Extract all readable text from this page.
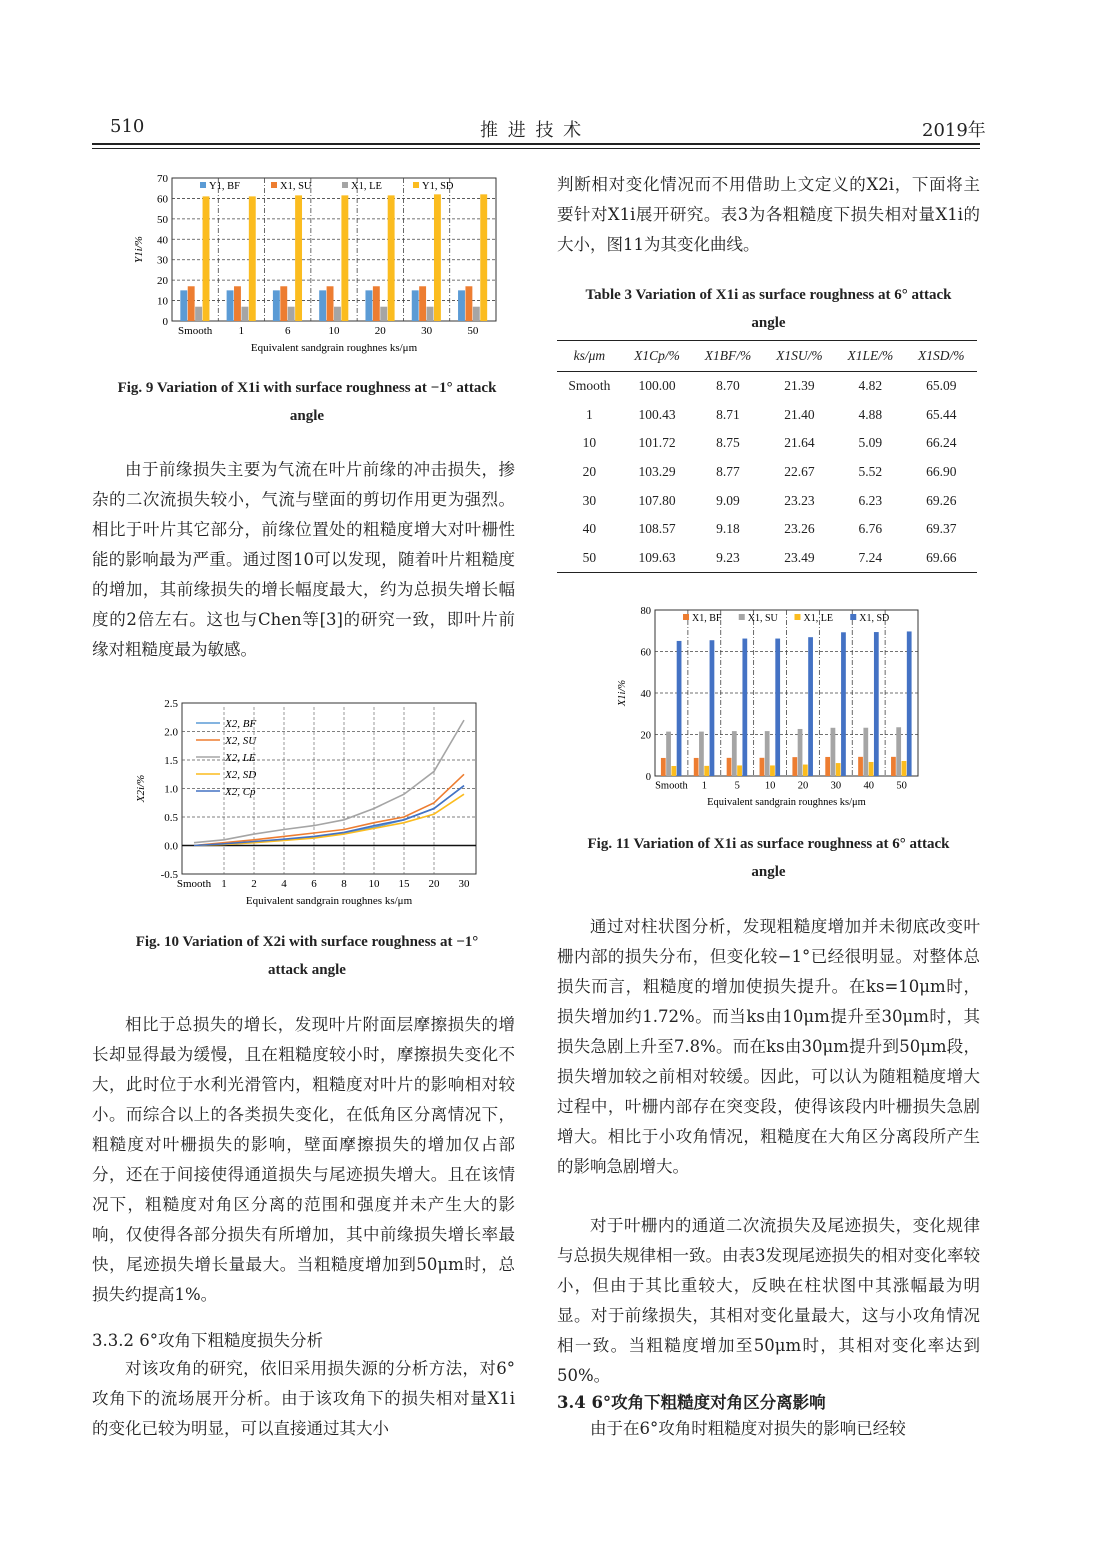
510	推 进 技 术	2019年
0
10
20
30
40
50
60
70
Smooth 1	6	10	20	30	50
Equivalent sandgrain roughnes ks/μm
Y1i/%
Y1, BF	X1, SU	X1, LE	Y1, SD
Fig. 9 Variation of X1i with surface roughness at −1° attack
angle

由于前缘损失主要为气流在叶片前缘的冲击损失，掺杂的二次流损失较小，气流与壁面的剪切作用更为强烈。相比于叶片其它部分，前缘位置处的粗糙度增大对叶栅性能的影响最为严重。通过图10可以发现，随着叶片粗糙度的增加，其前缘损失的增长幅度最大，约为总损失增长幅度的2倍左右。这也与Chen等[3]的研究一致，即叶片前缘对粗糙度最为敏感。

-0.5
0.0
0.5
1.0
1.5
2.0
2.5
Smooth 1 2 4 6 8 10 15 20 30
Equivalent sandgrain roughnes ks/μm
X2i/%
X2, BF
X2, SU
X2, LE
X2, SD
X2, Cp
Fig. 10 Variation of X2i with surface roughness at −1°
attack angle

相比于总损失的增长，发现叶片附面层摩擦损失的增长却显得最为缓慢，且在粗糙度较小时，摩擦损失变化不大，此时位于水利光滑管内，粗糙度对叶片的影响相对较小。而综合以上的各类损失变化，在低角区分离情况下，粗糙度对叶栅损失的影响，壁面摩擦损失的增加仅占部分，还在于间接使得通道损失与尾迹损失增大。且在该情况下，粗糙度对角区分离的范围和强度并未产生大的影响，仅使得各部分损失有所增加，其中前缘损失增长率最快，尾迹损失增长量最大。当粗糙度增加到50μm时，总损失约提高1%。

3.3.2 6°攻角下粗糙度损失分析

对该攻角的研究，依旧采用损失源的分析方法，对6°攻角下的流场展开分析。由于该攻角下的损失相对量X1i的变化已较为明显，可以直接通过其大小

判断相对变化情况而不用借助上文定义的X2i，下面将主要针对X1i展开研究。表3为各粗糙度下损失相对量X1i的大小，图11为其变化曲线。

Table 3 Variation of X1i as surface roughness at 6° attack
angle
ks/μm	X1Cp/%	X1BF/%	X1SU/%	X1LE/%	X1SD/%
Smooth	100.00	8.70	21.39	4.82	65.09
1	100.43	8.71	21.40	4.88	65.44
10	101.72	8.75	21.64	5.09	66.24
20	103.29	8.77	22.67	5.52	66.90
30	107.80	9.09	23.23	6.23	69.26
40	108.57	9.18	23.26	6.76	69.37
50	109.63	9.23	23.49	7.24	69.66
0
20
40
60
80
Smooth 1	5 10 20 30 40 50
Equivalent sandgrain roughnes ks/μm
X1i/%
X1, BF	X1, SU	X1, LE	X1, SD
Fig. 11 Variation of X1i as surface roughness at 6° attack
angle

通过对柱状图分析，发现粗糙度增加并未彻底改变叶栅内部的损失分布，但变化较−1°已经很明显。对整体总损失而言，粗糙度的增加使损失提升。在ks=10μm时，损失增加约1.72%。而当ks由10μm提升至30μm时，其损失急剧上升至7.8%。而在ks由30μm提升到50μm段，损失增加较之前相对较缓。因此，可以认为随粗糙度增大过程中，叶栅内部存在突变段，使得该段内叶栅损失急剧增大。相比于小攻角情况，粗糙度在大角区分离段所产生的影响急剧增大。

对于叶栅内的通道二次流损失及尾迹损失，变化规律与总损失规律相一致。由表3发现尾迹损失的相对变化率较小，但由于其比重较大，反映在柱状图中其涨幅最为明显。对于前缘损失，其相对变化量最大，这与小攻角情况相一致。当粗糙度增加至50μm时，其相对变化率达到50%。

3.4 6°攻角下粗糙度对角区分离影响

由于在6°攻角时粗糙度对损失的影响已经较
